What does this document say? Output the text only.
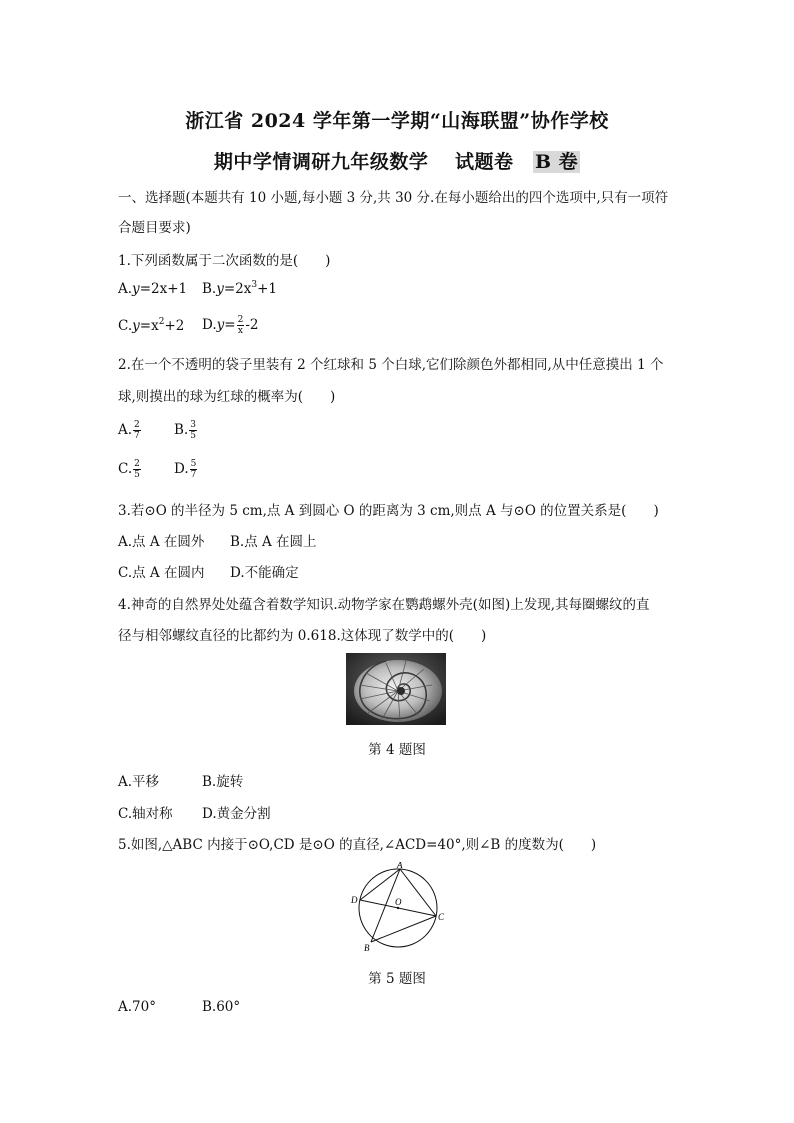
浙江省 2024 学年第一学期“山海联盟”协作学校
期中学情调研九年级数学　 试题卷　B 卷
一、选择题(本题共有 10 小题,每小题 3 分,共 30 分.在每小题给出的四个选项中,只有一项符
合题目要求)
1.下列函数属于二次函数的是(　　)
A.y=2x+1 $B.y=2x^3+1$
$C.y=x^2+2$ $D.y= \frac{2}{x} -2$
2.在一个不透明的袋子里装有 2 个红球和 5 个白球,它们除颜色外都相同,从中任意摸出 1 个
球,则摸出的球为红球的概率为(　　)
A. $\frac{2}{7} B$. $\frac{3}{5}$
C. $\frac{2}{5} D$. $\frac{5}{7}$
3.若⊙O 的半径为 5 cm,点 A 到圆心 O 的距离为 3 cm,则点 A 与⊙O 的位置关系是(　　)
A.点 A 在圆外 B.点 A 在圆上
C.点 A 在圆内 D.不能确定
4.神奇的自然界处处蕴含着数学知识.动物学家在鹦鹉螺外壳(如图)上发现,其每圈螺纹的直
径与相邻螺纹直径的比都约为 0.618.这体现了数学中的(　　)
第 4 题图
A.平移	B.旋转
C.轴对称 D.黄金分割
5.如图,△ABC 内接于⊙O,CD 是⊙O 的直径,∠ACD=40°,则∠B 的度数为(　　)
A
D	O
C
B
第 5 题图
A.70°	B.60°
